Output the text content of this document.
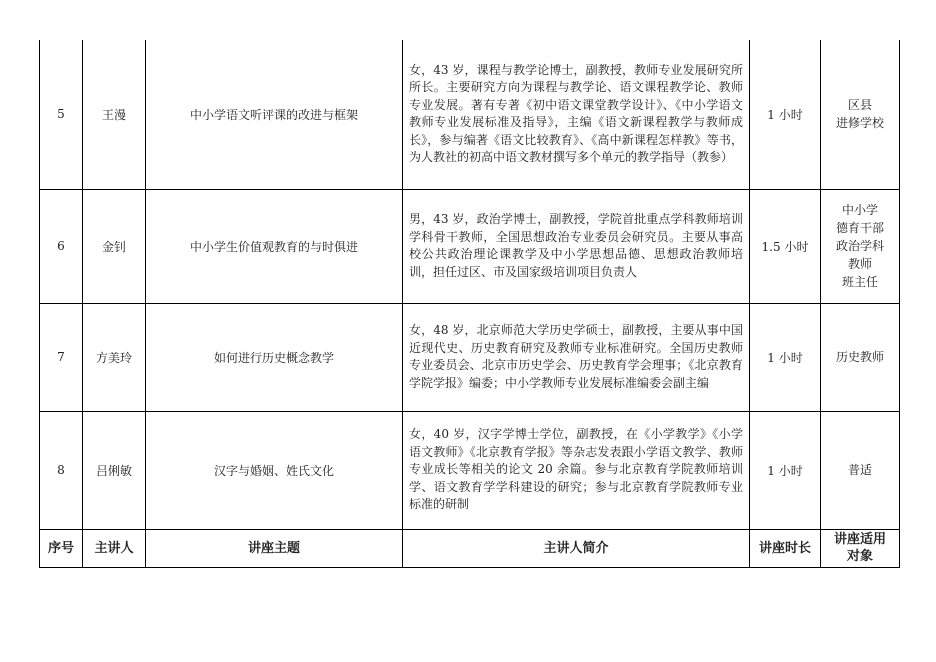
5	王漫	中小学语文听评课的改进与框架	女，43 岁，课程与教学论博士，副教授，教师专业发展研究所所长。主要研究方向为课程与教学论、语文课程教学论、教师专业发展。著有专著《初中语文课堂教学设计》、《中小学语文教师专业发展标准及指导》，主编《语文新课程教学与教师成长》，参与编著《语文比较教育》、《高中新课程怎样教》等书，为人教社的初高中语文教材撰写多个单元的教学指导（教参）	1 小时	区县
进修学校

6	金钊	中小学生价值观教育的与时俱进	男，43 岁，政治学博士，副教授，学院首批重点学科教师培训学科骨干教师，全国思想政治专业委员会研究员。主要从事高校公共政治理论课教学及中小学思想品德、思想政治教师培训，担任过区、市及国家级培训项目负责人	1.5 小时	中小学
德育干部
政治学科
教师
班主任

7	方美玲	如何进行历史概念教学	女，48 岁，北京师范大学历史学硕士，副教授，主要从事中国近现代史、历史教育研究及教师专业标准研究。全国历史教师专业委员会、北京市历史学会、历史教育学会理事；《北京教育学院学报》编委；中小学教师专业发展标准编委会副主编	1 小时	历史教师

8	吕俐敏	汉字与婚姻、姓氏文化	女，40 岁，汉字学博士学位，副教授，在《小学教学》《小学语文教师》《北京教育学报》等杂志发表跟小学语文教学、教师专业成长等相关的论文 20 余篇。参与北京教育学院教师培训学、语文教育学学科建设的研究；参与北京教育学院教师专业标准的研制	1 小时	普适

序号	主讲人	讲座主题	主讲人简介	讲座时长	讲座适用
对象
